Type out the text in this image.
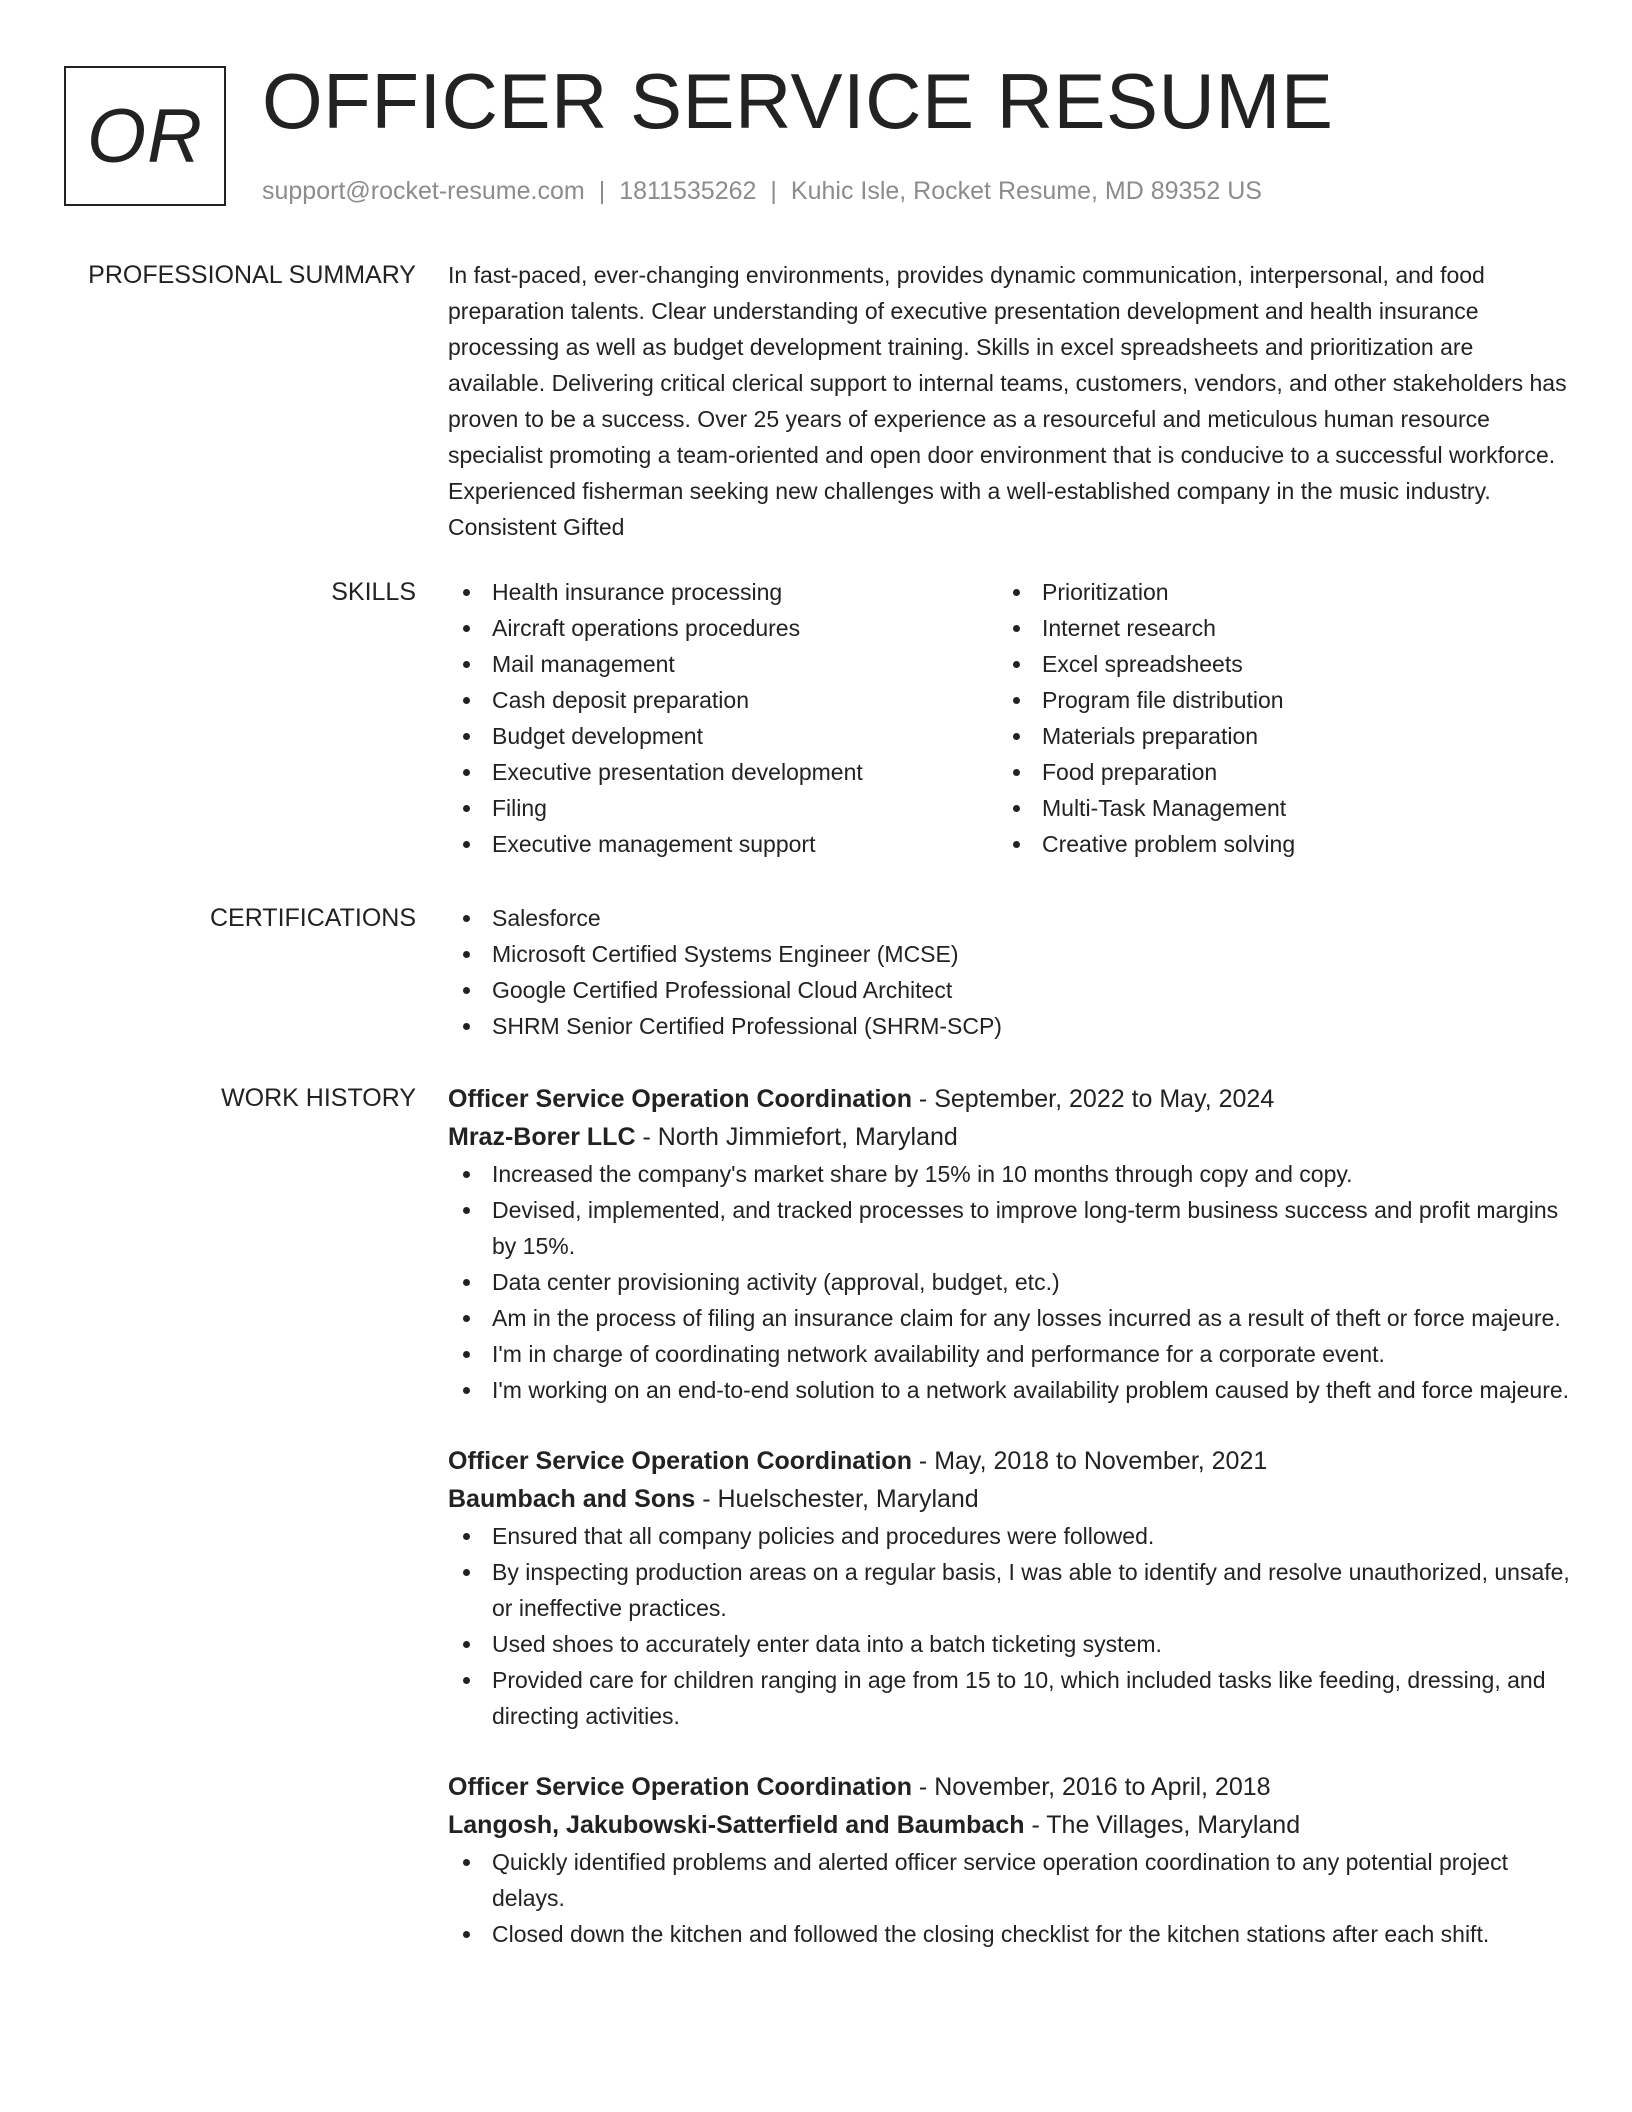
OR OFFICER SERVICE RESUME
support@rocket-resume.com | 1811535262 | Kuhic Isle, Rocket Resume, MD 89352 US
PROFESSIONAL SUMMARY In fast-paced, ever-changing environments, provides dynamic communication, interpersonal, and food preparation talents. Clear understanding of executive presentation development and health insurance processing as well as budget development training. Skills in excel spreadsheets and prioritization are available. Delivering critical clerical support to internal teams, customers, vendors, and other stakeholders has proven to be a success. Over 25 years of experience as a resourceful and meticulous human resource specialist promoting a team-oriented and open door environment that is conducive to a successful workforce. Experienced fisherman seeking new challenges with a well-established company in the music industry. Consistent Gifted

SKILLS	Health insurance processing
Aircraft operations procedures
Mail management
Cash deposit preparation
Budget development
Executive presentation development
Filing
Executive management support
Prioritization
Internet research
Excel spreadsheets
Program file distribution
Materials preparation
Food preparation
Multi-Task Management
Creative problem solving
CERTIFICATIONS	Salesforce
Microsoft Certified Systems Engineer (MCSE)
Google Certified Professional Cloud Architect
SHRM Senior Certified Professional (SHRM-SCP)
WORK HISTORY Officer Service Operation Coordination - September, 2022 to May, 2024
Mraz-Borer LLC - North Jimmiefort, Maryland
Increased the company's market share by 15% in 10 months through copy and copy.
Devised, implemented, and tracked processes to improve long-term business success and profit margins by 15%.
Data center provisioning activity (approval, budget, etc.)
Am in the process of filing an insurance claim for any losses incurred as a result of theft or force majeure.
I'm in charge of coordinating network availability and performance for a corporate event.
I'm working on an end-to-end solution to a network availability problem caused by theft and force majeure.
Officer Service Operation Coordination - May, 2018 to November, 2021
Baumbach and Sons - Huelschester, Maryland
Ensured that all company policies and procedures were followed.
By inspecting production areas on a regular basis, I was able to identify and resolve unauthorized, unsafe, or ineffective practices.
Used shoes to accurately enter data into a batch ticketing system.
Provided care for children ranging in age from 15 to 10, which included tasks like feeding, dressing, and directing activities.
Officer Service Operation Coordination - November, 2016 to April, 2018
Langosh, Jakubowski-Satterfield and Baumbach - The Villages, Maryland
Quickly identified problems and alerted officer service operation coordination to any potential project delays.
Closed down the kitchen and followed the closing checklist for the kitchen stations after each shift.
